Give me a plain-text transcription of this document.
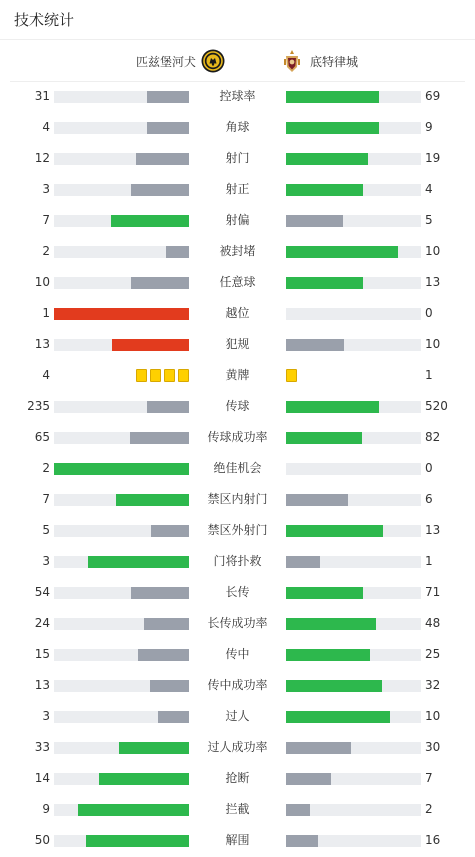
技术统计
匹兹堡河犬	底特律城
31	控球率	69
4	角球	9
12	射门	19
3	射正	4
7	射偏	5
2	被封堵	10
10	任意球	13
1	越位	0
13	犯规	10
4	黄牌	1
235	传球	520
65	传球成功率	82
2	绝佳机会	0
7	禁区内射门	6
5	禁区外射门	13
3	门将扑救	1
54	长传	71
24	长传成功率	48
15	传中	25
13	传中成功率	32
3	过人	10
33	过人成功率	30
14	抢断	7
9	拦截	2
50	解围	16
